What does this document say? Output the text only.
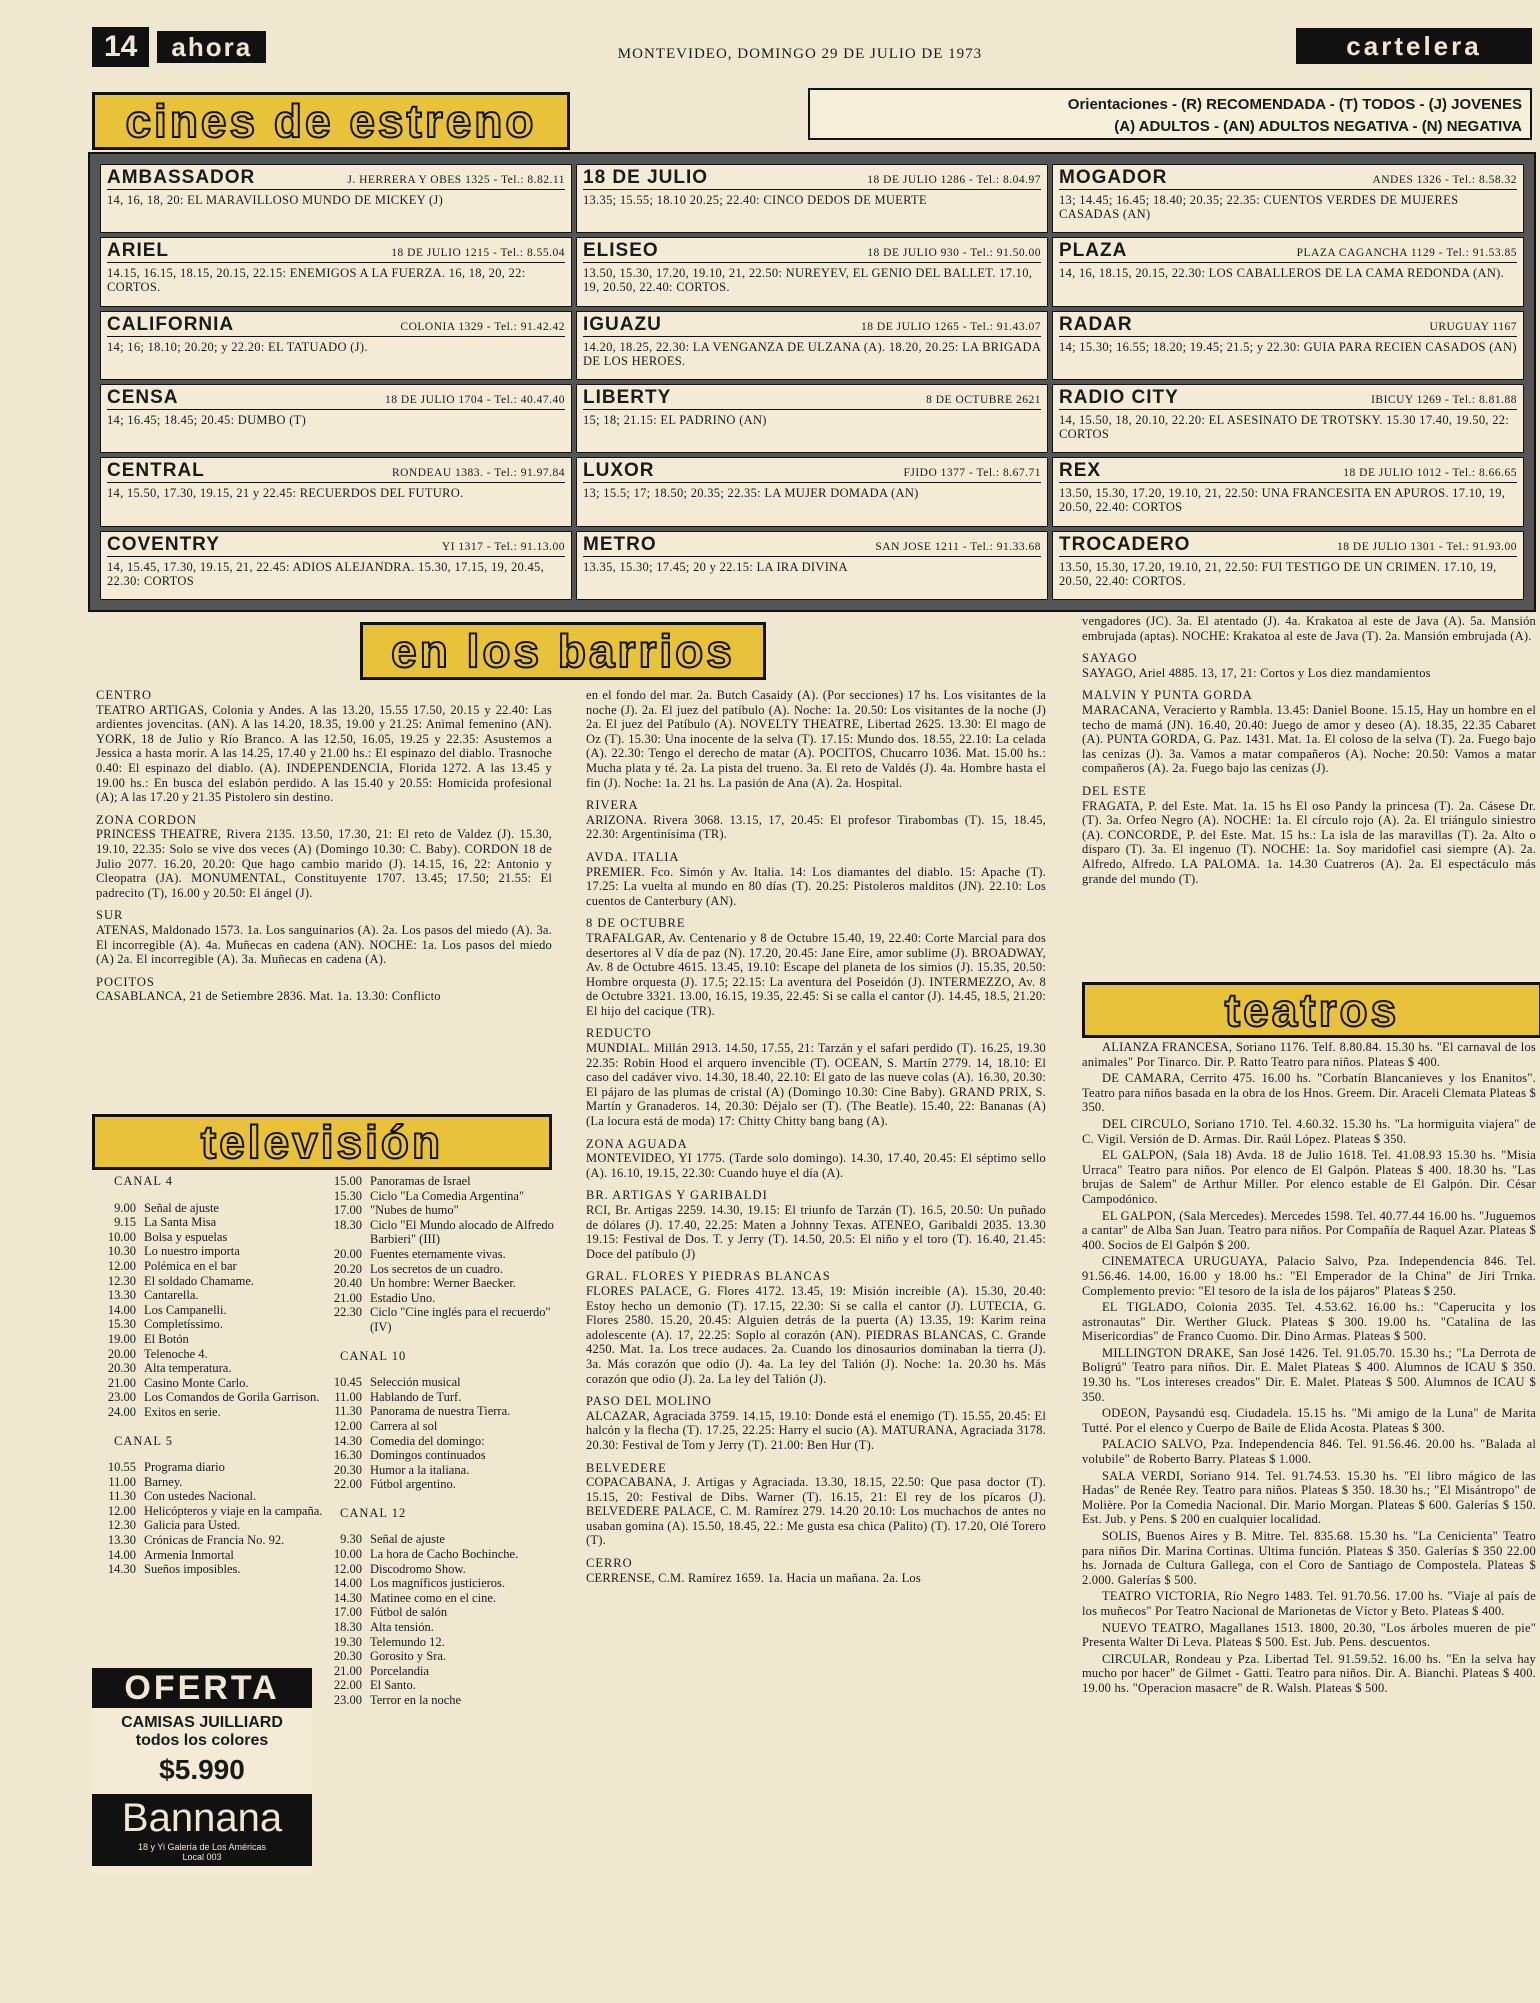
14	ahora	MONTEVIDEO, DOMINGO 29 DE JULIO DE 1973	cartelera
cines de estreno	Orientaciones - (R) RECOMENDADA - (T) TODOS - (J) JOVENES
(A) ADULTOS - (AN) ADULTOS NEGATIVA - (N) NEGATIVA
AMBASSADOR	J. HERRERA Y OBES 1325 - Tel.: 8.82.11
14, 16, 18, 20: EL MARAVILLOSO MUNDO DE MICKEY (J)
18 DE JULIO	18 DE JULIO 1286 - Tel.: 8.04.97
13.35; 15.55; 18.10 20.25; 22.40: CINCO DEDOS DE MUERTE
MOGADOR	ANDES 1326 - Tel.: 8.58.32
13; 14.45; 16.45; 18.40; 20.35; 22.35: CUENTOS VERDES DE MUJERES CASADAS (AN)
ARIEL	18 DE JULIO 1215 - Tel.: 8.55.04
14.15, 16.15, 18.15, 20.15, 22.15: ENEMIGOS A LA FUERZA. 16, 18, 20, 22: CORTOS.
ELISEO	18 DE JULIO 930 - Tel.: 91.50.00
13.50, 15.30, 17.20, 19.10, 21, 22.50: NUREYEV, EL GENIO DEL BALLET. 17.10, 19, 20.50, 22.40: CORTOS.
PLAZA	PLAZA CAGANCHA 1129 - Tel.: 91.53.85
14, 16, 18.15, 20.15, 22.30: LOS CABALLEROS DE LA CAMA REDONDA (AN).
CALIFORNIA	COLONIA 1329 - Tel.: 91.42.42
14; 16; 18.10; 20.20; y 22.20: EL TATUADO (J).
IGUAZU	18 DE JULIO 1265 - Tel.: 91.43.07
14.20, 18.25, 22.30: LA VENGANZA DE ULZANA (A). 18.20, 20.25: LA BRIGADA DE LOS HEROES.
RADAR	URUGUAY 1167
14; 15.30; 16.55; 18.20; 19.45; 21.5; y 22.30: GUIA PARA RECIEN CASADOS (AN)
CENSA	18 DE JULIO 1704 - Tel.: 40.47.40
14; 16.45; 18.45; 20.45: DUMBO (T)
LIBERTY	8 DE OCTUBRE 2621
15; 18; 21.15: EL PADRINO (AN)
RADIO CITY	IBICUY 1269 - Tel.: 8.81.88
14, 15.50, 18, 20.10, 22.20: EL ASESINATO DE TROTSKY. 15.30 17.40, 19.50, 22: CORTOS
CENTRAL	RONDEAU 1383. - Tel.: 91.97.84
14, 15.50, 17.30, 19.15, 21 y 22.45: RECUERDOS DEL FUTURO.
LUXOR	FJIDO 1377 - Tel.: 8.67.71
13; 15.5; 17; 18.50; 20.35; 22.35: LA MUJER DOMADA (AN)
REX	18 DE JULIO 1012 - Tel.: 8.66.65
13.50, 15.30, 17.20, 19.10, 21, 22.50: UNA FRANCESITA EN APUROS. 17.10, 19, 20.50, 22.40: CORTOS
COVENTRY	YI 1317 - Tel.: 91.13.00
14, 15.45, 17.30, 19.15, 21, 22.45: ADIOS ALEJANDRA. 15.30, 17.15, 19, 20.45, 22.30: CORTOS
METRO	SAN JOSE 1211 - Tel.: 91.33.68
13.35, 15.30; 17.45; 20 y 22.15: LA IRA DIVINA
TROCADERO	18 DE JULIO 1301 - Tel.: 91.93.00
13.50, 15.30, 17.20, 19.10, 21, 22.50: FUI TESTIGO DE UN CRIMEN. 17.10, 19, 20.50, 22.40: CORTOS.
en los barrios

CENTRO
TEATRO ARTIGAS, Colonia y Andes. A las 13.20, 15.55 17.50, 20.15 y 22.40: Las ardientes jovencitas. (AN). A las 14.20, 18.35, 19.00 y 21.25: Animal femenino (AN). YORK, 18 de Julio y Río Branco. A las 12.50, 16.05, 19.25 y 22.35: Asustemos a Jessica a hasta morir. A las 14.25, 17.40 y 21.00 hs.: El espinazo del diablo. Trasnoche 0.40: El espinazo del diablo. (A). INDEPENDENCIA, Florida 1272. A las 13.45 y 19.00 hs.: En busca del eslabón perdido. A las 15.40 y 20.55: Homicida profesional (A); A las 17.20 y 21.35 Pistolero sin destino.

ZONA CORDON
PRINCESS THEATRE, Rivera 2135. 13.50, 17.30, 21: El reto de Valdez (J). 15.30, 19.10, 22.35: Solo se vive dos veces (A) (Domingo 10.30: C. Baby). CORDON 18 de Julio 2077. 16.20, 20.20: Que hago cambio marido (J). 14.15, 16, 22: Antonio y Cleopatra (JA). MONUMENTAL, Constituyente 1707. 13.45; 17.50; 21.55: El padrecito (T), 16.00 y 20.50: El ángel (J).

SUR
ATENAS, Maldonado 1573. 1a. Los sanguinarios (A). 2a. Los pasos del miedo (A). 3a. El incorregible (A). 4a. Muñecas en cadena (AN). NOCHE: 1a. Los pasos del miedo (A) 2a. El incorregible (A). 3a. Muñecas en cadena (A).

POCITOS
CASABLANCA, 21 de Setiembre 2836. Mat. 1a. 13.30: Conflicto

en el fondo del mar. 2a. Butch Casaidy (A). (Por secciones) 17 hs. Los visitantes de la noche (J). 2a. El juez del patíbulo (A). Noche: 1a. 20.50: Los visitantes de la noche (J) 2a. El juez del Patíbulo (A). NOVELTY THEATRE, Libertad 2625. 13.30: El mago de Oz (T). 15.30: Una inocente de la selva (T). 17.15: Mundo dos. 18.55, 22.10: La celada (A). 22.30: Tengo el derecho de matar (A). POCITOS, Chucarro 1036. Mat. 15.00 hs.: Mucha plata y té. 2a. La pista del trueno. 3a. El reto de Valdés (J). 4a. Hombre hasta el fin (J). Noche: 1a. 21 hs. La pasión de Ana (A). 2a. Hospital.

RIVERA
ARIZONA. Rivera 3068. 13.15, 17, 20.45: El profesor Tirabombas (T). 15, 18.45, 22.30: Argentinísima (TR).

AVDA. ITALIA
PREMIER. Fco. Simón y Av. Italia. 14: Los diamantes del diablo. 15: Apache (T). 17.25: La vuelta al mundo en 80 días (T). 20.25: Pistoleros malditos (JN). 22.10: Los cuentos de Canterbury (AN).

8 DE OCTUBRE
TRAFALGAR, Av. Centenario y 8 de Octubre 15.40, 19, 22.40: Corte Marcial para dos desertores al V día de paz (N). 17.20, 20.45: Jane Eire, amor sublime (J). BROADWAY, Av. 8 de Octubre 4615. 13.45, 19.10: Escape del planeta de los simios (J). 15.35, 20.50: Hombre orquesta (J). 17.5; 22.15: La aventura del Poseidón (J). INTERMEZZO, Av. 8 de Octubre 3321. 13.00, 16.15, 19.35, 22.45: Si se calla el cantor (J). 14.45, 18.5, 21.20: El hijo del cacique (TR).

REDUCTO
MUNDIAL. Millán 2913. 14.50, 17.55, 21: Tarzán y el safari perdido (T). 16.25, 19.30 22.35: Robin Hood el arquero invencible (T). OCEAN, S. Martín 2779. 14, 18.10: El caso del cadáver vivo. 14.30, 18.40, 22.10: El gato de las nueve colas (A). 16.30, 20.30: El pájaro de las plumas de cristal (A) (Domingo 10.30: Cine Baby). GRAND PRIX, S. Martín y Granaderos. 14, 20.30: Déjalo ser (T). (The Beatle). 15.40, 22: Bananas (A) (La locura está de moda) 17: Chitty Chitty bang bang (A).

ZONA AGUADA
MONTEVIDEO, YI 1775. (Tarde solo domingo). 14.30, 17.40, 20.45: El séptimo sello (A). 16.10, 19.15, 22.30: Cuando huye el día (A).

BR. ARTIGAS Y GARIBALDI
RCI, Br. Artigas 2259. 14.30, 19.15: El triunfo de Tarzán (T). 16.5, 20.50: Un puñado de dólares (J). 17.40, 22.25: Maten a Johnny Texas. ATENEO, Garibaldi 2035. 13.30 19.15: Festival de Dos. T. y Jerry (T). 14.50, 20.5: El niño y el toro (T). 16.40, 21.45: Doce del patíbulo (J)

GRAL. FLORES Y PIEDRAS BLANCAS
FLORES PALACE, G. Flores 4172. 13.45, 19: Misión increíble (A). 15.30, 20.40: Estoy hecho un demonio (T). 17.15, 22.30: Si se calla el cantor (J). LUTECIA, G. Flores 2580. 15.20, 20.45: Alguien detrás de la puerta (A) 13.35, 19: Karim reina adolescente (A). 17, 22.25: Soplo al corazón (AN). PIEDRAS BLANCAS, C. Grande 4250. Mat. 1a. Los trece audaces. 2a. Cuando los dinosaurios dominaban la tierra (J). 3a. Más corazón que odio (J). 4a. La ley del Talión (J). Noche: 1a. 20.30 hs. Más corazón que odio (J). 2a. La ley del Talión (J).

PASO DEL MOLINO
ALCAZAR, Agraciada 3759. 14.15, 19.10: Donde está el enemigo (T). 15.55, 20.45: El halcón y la flecha (T). 17.25, 22.25: Harry el sucio (A). MATURANA, Agraciada 3178. 20.30: Festival de Tom y Jerry (T). 21.00: Ben Hur (T).

BELVEDERE
COPACABANA, J. Artigas y Agraciada. 13.30, 18.15, 22.50: Que pasa doctor (T). 15.15, 20: Festival de Dibs. Warner (T). 16.15, 21: El rey de los pícaros (J). BELVEDERE PALACE, C. M. Ramírez 279. 14.20 20.10: Los muchachos de antes no usaban gomina (A). 15.50, 18.45, 22.: Me gusta esa chica (Palito) (T). 17.20, Olé Torero (T).

CERRO
CERRENSE, C.M. Ramírez 1659. 1a. Hacia un mañana. 2a. Los

vengadores (JC). 3a. El atentado (J). 4a. Krakatoa al este de Java (A). 5a. Mansión embrujada (aptas). NOCHE: Krakatoa al este de Java (T). 2a. Mansión embrujada (A).

SAYAGO
SAYAGO, Ariel 4885. 13, 17, 21: Cortos y Los diez mandamientos

MALVIN Y PUNTA GORDA
MARACANA, Veracierto y Rambla. 13.45: Daniel Boone. 15.15, Hay un hombre en el techo de mamá (JN). 16.40, 20.40: Juego de amor y deseo (A). 18.35, 22.35 Cabaret (A). PUNTA GORDA, G. Paz. 1431. Mat. 1a. El coloso de la selva (T). 2a. Fuego bajo las cenizas (J). 3a. Vamos a matar compañeros (A). Noche: 20.50: Vamos a matar compañeros (A). 2a. Fuego bajo las cenizas (J).

DEL ESTE
FRAGATA, P. del Este. Mat. 1a. 15 hs El oso Pandy la princesa (T). 2a. Cásese Dr. (T). 3a. Orfeo Negro (A). NOCHE: 1a. El círculo rojo (A). 2a. El triángulo siniestro (A). CONCORDE, P. del Este. Mat. 15 hs.: La isla de las maravillas (T). 2a. Alto o disparo (T). 3a. El ingenuo (T). NOCHE: 1a. Soy maridofiel casi siempre (A). 2a. Alfredo, Alfredo. LA PALOMA. 1a. 14.30 Cuatreros (A). 2a. El espectáculo más grande del mundo (T).

teatros

ALIANZA FRANCESA, Soriano 1176. Telf. 8.80.84. 15.30 hs. "El carnaval de los animales" Por Tinarco. Dir. P. Ratto Teatro para niños. Plateas $ 400.

DE CAMARA, Cerrito 475. 16.00 hs. "Corbatín Blancanieves y los Enanitos". Teatro para niños basada en la obra de los Hnos. Greem. Dir. Araceli Clemata Plateas $ 350.

DEL CIRCULO, Soriano 1710. Tel. 4.60.32. 15.30 hs. "La hormiguita viajera" de C. Vigil. Versión de D. Armas. Dir. Raúl López. Plateas $ 350.

EL GALPON, (Sala 18) Avda. 18 de Julio 1618. Tel. 41.08.93 15.30 hs. "Misia Urraca" Teatro para niños. Por elenco de El Galpón. Plateas $ 400. 18.30 hs. "Las brujas de Salem" de Arthur Miller. Por elenco estable de El Galpón. Dir. César Campodónico.

EL GALPON, (Sala Mercedes). Mercedes 1598. Tel. 40.77.44 16.00 hs. "Juguemos a cantar" de Alba San Juan. Teatro para niños. Por Compañía de Raquel Azar. Plateas $ 400. Socios de El Galpón $ 200.

CINEMATECA URUGUAYA, Palacio Salvo, Pza. Independencia 846. Tel. 91.56.46. 14.00, 16.00 y 18.00 hs.: "El Emperador de la China" de Jiri Trnka. Complemento previo: "El tesoro de la isla de los pájaros" Plateas $ 250.

EL TIGLADO, Colonia 2035. Tel. 4.53.62. 16.00 hs.: "Caperucita y los astronautas" Dir. Werther Gluck. Plateas $ 300. 19.00 hs. "Catalina de las Misericordias" de Franco Cuomo. Dir. Dino Armas. Plateas $ 500.

MILLINGTON DRAKE, San José 1426. Tel. 91.05.70. 15.30 hs.; "La Derrota de Boligrú" Teatro para niños. Dir. E. Malet Plateas $ 400. Alumnos de ICAU $ 350. 19.30 hs. "Los intereses creados" Dir. E. Malet. Plateas $ 500. Alumnos de ICAU $ 350.

ODEON, Paysandú esq. Ciudadela. 15.15 hs. "Mi amigo de la Luna" de Marita Tutté. Por el elenco y Cuerpo de Baile de Elida Acosta. Plateas $ 300.

PALACIO SALVO, Pza. Independencia 846. Tel. 91.56.46. 20.00 hs. "Balada al volubile" de Roberto Barry. Plateas $ 1.000.

SALA VERDI, Soriano 914. Tel. 91.74.53. 15.30 hs. "El libro mágico de las Hadas" de Renée Rey. Teatro para niños. Plateas $ 350. 18.30 hs.; "El Misántropo" de Molière. Por la Comedia Nacional. Dir. Mario Morgan. Plateas $ 600. Galerías $ 150. Est. Jub. y Pens. $ 200 en cualquier localidad.

SOLIS, Buenos Aires y B. Mitre. Tel. 835.68. 15.30 hs. "La Cenicienta" Teatro para niños Dir. Marina Cortinas. Ultima función. Plateas $ 350. Galerías $ 350 22.00 hs. Jornada de Cultura Gallega, con el Coro de Santiago de Compostela. Plateas $ 2.000. Galerías $ 500.

TEATRO VICTORIA, Río Negro 1483. Tel. 91.70.56. 17.00 hs. "Viaje al país de los muñecos" Por Teatro Nacional de Marionetas de Víctor y Beto. Plateas $ 400.

NUEVO TEATRO, Magallanes 1513. 1800, 20.30, "Los árboles mueren de pie" Presenta Walter Di Leva. Plateas $ 500. Est. Jub. Pens. descuentos.

CIRCULAR, Rondeau y Pza. Libertad Tel. 91.59.52. 16.00 hs. "En la selva hay mucho por hacer" de Gilmet - Gatti. Teatro para niños. Dir. A. Bianchi. Plateas $ 400. 19.00 hs. "Operacion masacre" de R. Walsh. Plateas $ 500.

televisión
CANAL 4
9.00 Señal de ajuste
9.15 La Santa Misa
10.00 Bolsa y espuelas
10.30 Lo nuestro importa
12.00 Polémica en el bar
12.30 El soldado Chamame.
13.30 Cantarella.
14.00 Los Campanelli.
15.30 Completíssimo.
19.00 El Botón
20.00 Telenoche 4.
20.30 Alta temperatura.
21.00 Casino Monte Carlo.
23.00 Los Comandos de Gorila Garrison.
24.00 Exitos en serie.
CANAL 5
10.55 Programa diario
11.00 Barney.
11.30 Con ustedes Nacional.
12.00 Helicópteros y viaje en la campaña.
12.30 Galicia para Usted.
13.30 Crónicas de Francia No. 92.
14.00 Armenia Inmortal
14.30 Sueños imposibles.
15.00 Panoramas de Israel
15.30 Ciclo "La Comedia Argentina"
17.00 "Nubes de humo"
18.30 Ciclo "El Mundo alocado de Alfredo Barbieri" (III)
20.00 Fuentes eternamente vivas.
20.20 Los secretos de un cuadro.
20.40 Un hombre: Werner Baecker.
21.00 Estadio Uno.
22.30 Ciclo "Cine inglés para el recuerdo" (IV)
CANAL 10
10.45 Selección musical
11.00 Hablando de Turf.
11.30 Panorama de nuestra Tierra.
12.00 Carrera al sol
14.30 Comedia del domingo:
16.30 Domingos continuados
20.30 Humor a la italiana.
22.00 Fútbol argentino.
CANAL 12
9.30 Señal de ajuste
10.00 La hora de Cacho Bochinche.
12.00 Discodromo Show.
14.00 Los magníficos justicieros.
14.30 Matinee como en el cine.
17.00 Fútbol de salón
18.30 Alta tensión.
19.30 Telemundo 12.
20.30 Gorosito y Sra.
21.00 Porcelandia
22.00 El Santo.
23.00 Terror en la noche
OFERTA
CAMISAS JUILLIARD
todos los colores
$5.990
Bannana
18 y Yi Galería de Los Américas
Local 003
